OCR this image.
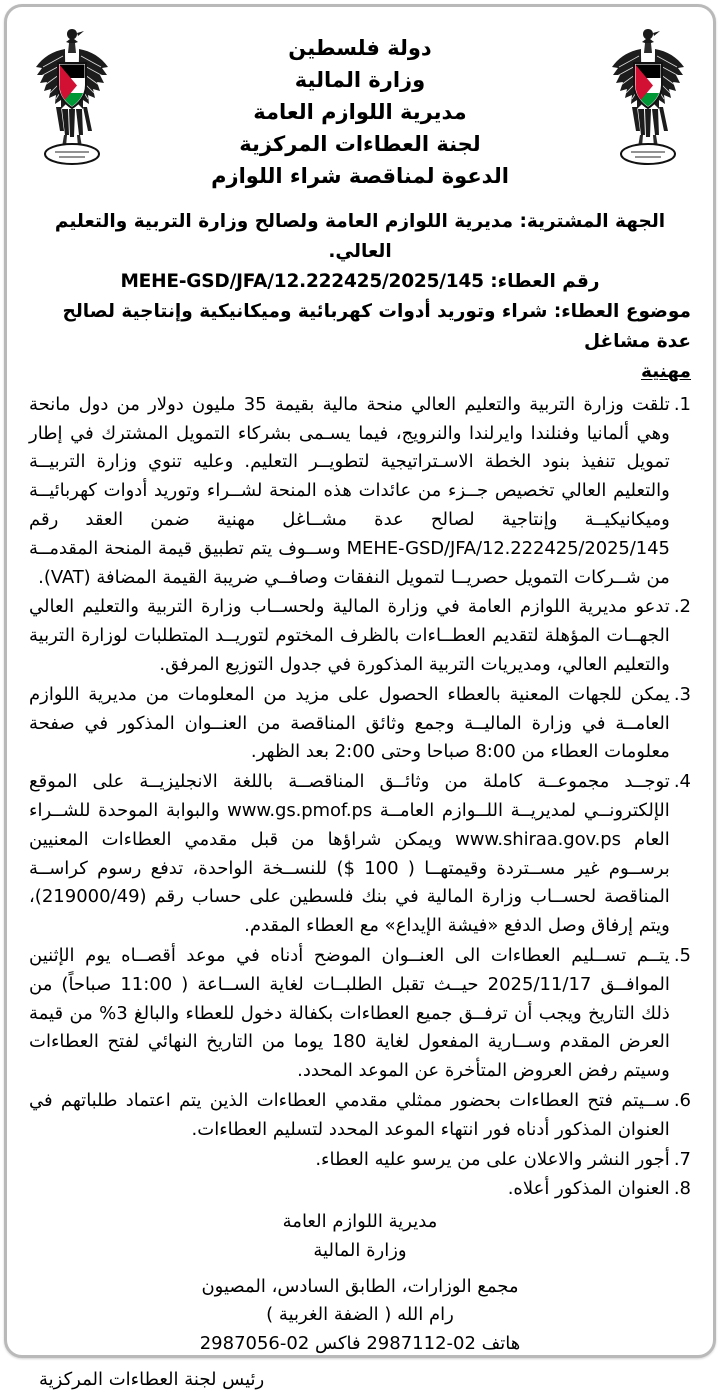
دولة فلسطين
وزارة المالية
مديرية اللوازم العامة
لجنة العطاءات المركزية
الدعوة لمناقصة شراء اللوازم
الجهة المشترية: مديرية اللوازم العامة ولصالح وزارة التربية والتعليم العالي.
رقم العطاء: MEHE-GSD/JFA/12.222425/2025/145
موضوع العطاء: شراء وتوريد أدوات كهربائية وميكانيكية وإنتاجية لصالح عدة مشاغل
مهنية
.1
تلقت وزارة التربية والتعليم العالي منحة مالية بقيمة 35 مليون دولار من دول مانحة وهي ألمانيا وفنلندا وايرلندا والنرويج، فيما يسـمى بشركاء التمويل المشترك في إطار تمويل تنفيذ بنود الخطة الاسـتراتيجية لتطويــر التعليم. وعليه تنوي وزارة التربيــة والتعليم العالي تخصيص جــزء من عائدات هذه المنحة لشــراء وتوريد أدوات كهربائيــة وميكانيكيــة وإنتاجية لصالح عدة مشــاغل مهنية ضمن العقد رقم MEHE-GSD/JFA/12.222425/2025/145 وســوف يتم تطبيق قيمة المنحة المقدمــة من شــركات التمويل حصريــا لتمويل النفقات وصافــي ضريبة القيمة المضافة (VAT).
.2
تدعو مديرية اللوازم العامة في وزارة المالية ولحســاب وزارة التربية والتعليم العالي الجهــات المؤهلة لتقديم العطــاءات بالظرف المختوم لتوريــد المتطلبات لوزارة التربية والتعليم العالي، ومديريات التربية المذكورة في جدول التوزيع المرفق.
.3
يمكن للجهات المعنية بالعطاء الحصول على مزيد من المعلومات من مديرية اللوازم العامــة في وزارة الماليــة وجمع وثائق المناقصة من العنــوان المذكور في صفحة معلومات العطاء من 8:00 صباحا وحتى 2:00 بعد الظهر.
.4
توجــد مجموعــة كاملة من وثائــق المناقصــة باللغة الانجليزيــة على الموقع الإلكترونــي لمديريــة اللــوازم العامــة www.gs.pmof.ps والبوابة الموحدة للشــراء العام www.shiraa.gov.ps ويمكن شراؤها من قبل مقدمي العطاءات المعنيين برســوم غير مســتردة وقيمتهــا ( 100 $) للنســخة الواحدة، تدفع رسوم كراســة المناقصة لحســاب وزارة المالية في بنك فلسطين على حساب رقم (219000/49)، ويتم إرفاق وصل الدفع «فيشة الإيداع» مع العطاء المقدم.
.5
يتــم تســليم العطاءات الى العنــوان الموضح أدناه في موعد أقصــاه يوم الإثنين الموافــق 2025/11/17 حيــث تقبل الطلبــات لغاية الســاعة ( 11:00 صباحاً) من ذلك التاريخ ويجب أن ترفــق جميع العطاءات بكفالة دخول للعطاء والبالغ 3% من قيمة العرض المقدم وســارية المفعول لغاية 180 يوما من التاريخ النهائي لفتح العطاءات وسيتم رفض العروض المتأخرة عن الموعد المحدد.
.6
ســيتم فتح العطاءات بحضور ممثلي مقدمي العطاءات الذين يتم اعتماد طلباتهم في العنوان المذكور أدناه فور انتهاء الموعد المحدد لتسليم العطاءات.
.7
أجور النشر والاعلان على من يرسو عليه العطاء.
.8
العنوان المذكور أعلاه.
مديرية اللوازم العامة
وزارة المالية
مجمع الوزارات، الطابق السادس، المصيون
رام الله ( الضفة الغربية )
هاتف 02-2987112 فاكس 02-2987056
رئيس لجنة العطاءات المركزية
